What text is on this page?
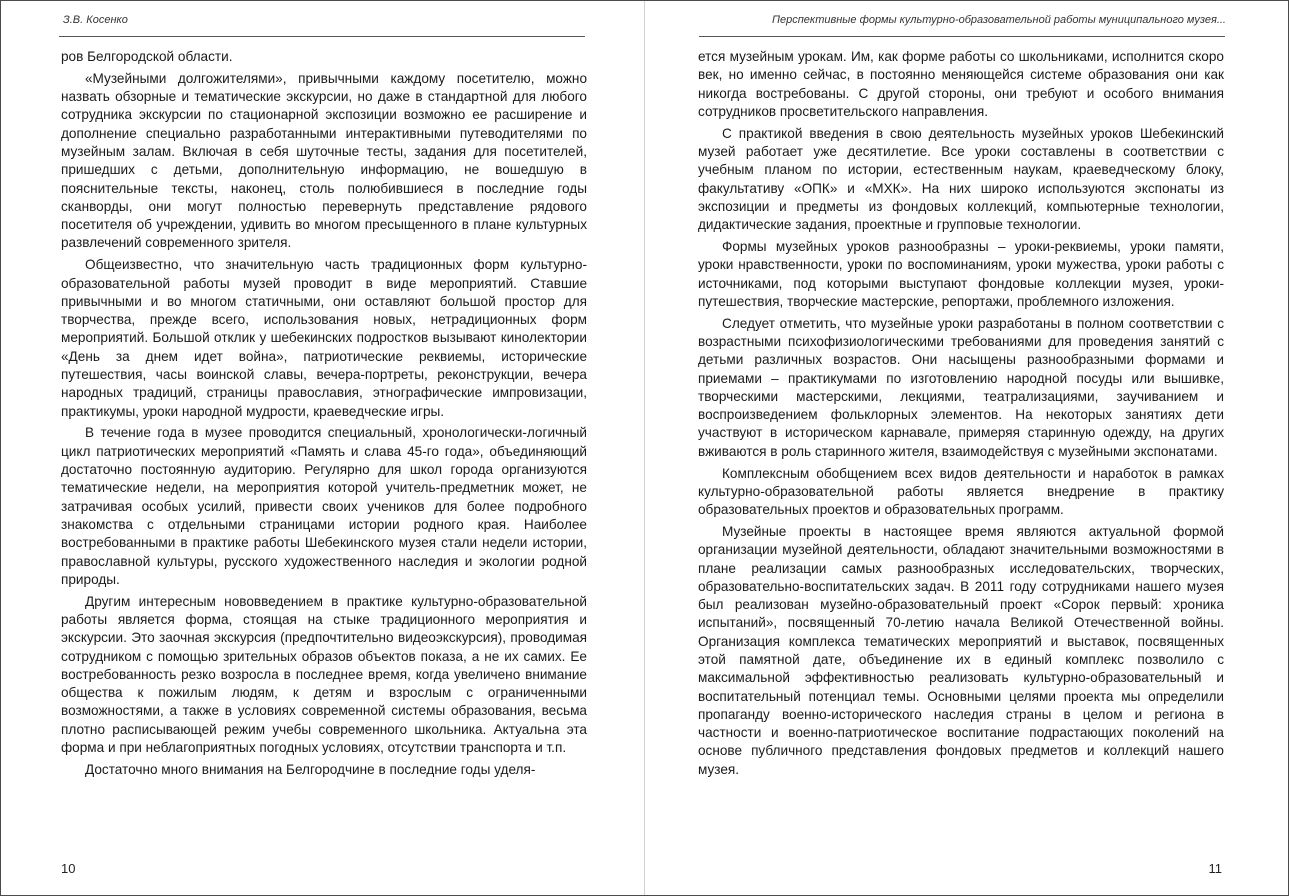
З.В. Косенко

ров Белгородской области.

«Музейными долгожителями», привычными каждому посетителю, можно назвать обзорные и тематические экскурсии, но даже в стандартной для любого сотрудника экскурсии по стационарной экспозиции возможно ее расширение и дополнение специально разработанными интерактивными путеводителями по музейным залам. Включая в себя шуточные тесты, задания для посетителей, пришедших с детьми, дополнительную информацию, не вошедшую в пояснительные тексты, наконец, столь полюбившиеся в последние годы сканворды, они могут полностью перевернуть представление рядового посетителя об учреждении, удивить во многом пресыщенного в плане культурных развлечений современного зрителя.

Общеизвестно, что значительную часть традиционных форм культурно-образовательной работы музей проводит в виде мероприятий. Ставшие привычными и во многом статичными, они оставляют большой простор для творчества, прежде всего, использования новых, нетрадиционных форм мероприятий. Большой отклик у шебекинских подростков вызывают кинолектории «День за днем идет война», патриотические реквиемы, исторические путешествия, часы воинской славы, вечера-портреты, реконструкции, вечера народных традиций, страницы православия, этнографические импровизации, практикумы, уроки народной мудрости, краеведческие игры.

В течение года в музее проводится специальный, хронологически-логичный цикл патриотических мероприятий «Память и слава 45-го года», объединяющий достаточно постоянную аудиторию. Регулярно для школ города организуются тематические недели, на мероприятия которой учитель-предметник может, не затрачивая особых усилий, привести своих учеников для более подробного знакомства с отдельными страницами истории родного края. Наиболее востребованными в практике работы Шебекинского музея стали недели истории, православной культуры, русского художественного наследия и экологии родной природы.

Другим интересным нововведением в практике культурно-образовательной работы является форма, стоящая на стыке традиционного мероприятия и экскурсии. Это заочная экскурсия (предпочтительно видеоэкскурсия), проводимая сотрудником с помощью зрительных образов объектов показа, а не их самих. Ее востребованность резко возросла в последнее время, когда увеличено внимание общества к пожилым людям, к детям и взрослым с ограниченными возможностями, а также в условиях современной системы образования, весьма плотно расписывающей режим учебы современного школьника. Актуальна эта форма и при неблагоприятных погодных условиях, отсутствии транспорта и т.п.

Достаточно много внимания на Белгородчине в последние годы уделя-

10
Перспективные формы культурно-образовательной работы муниципального музея...

ется музейным урокам. Им, как форме работы со школьниками, исполнится скоро век, но именно сейчас, в постоянно меняющейся системе образования они как никогда востребованы. С другой стороны, они требуют и особого внимания сотрудников просветительского направления.

С практикой введения в свою деятельность музейных уроков Шебекинский музей работает уже десятилетие. Все уроки составлены в соответствии с учебным планом по истории, естественным наукам, краеведческому блоку, факультативу «ОПК» и «МХК». На них широко используются экспонаты из экспозиции и предметы из фондовых коллекций, компьютерные технологии, дидактические задания, проектные и групповые технологии.

Формы музейных уроков разнообразны – уроки-реквиемы, уроки памяти, уроки нравственности, уроки по воспоминаниям, уроки мужества, уроки работы с источниками, под которыми выступают фондовые коллекции музея, уроки-путешествия, творческие мастерские, репортажи, проблемного изложения.

Следует отметить, что музейные уроки разработаны в полном соответствии с возрастными психофизиологическими требованиями для проведения занятий с детьми различных возрастов. Они насыщены разнообразными формами и приемами – практикумами по изготовлению народной посуды или вышивке, творческими мастерскими, лекциями, театрализациями, заучиванием и воспроизведением фольклорных элементов. На некоторых занятиях дети участвуют в историческом карнавале, примеряя старинную одежду, на других вживаются в роль старинного жителя, взаимодействуя с музейными экспонатами.

Комплексным обобщением всех видов деятельности и наработок в рамках культурно-образовательной работы является внедрение в практику образовательных проектов и образовательных программ.

Музейные проекты в настоящее время являются актуальной формой организации музейной деятельности, обладают значительными возможностями в плане реализации самых разнообразных исследовательских, творческих, образовательно-воспитательских задач. В 2011 году сотрудниками нашего музея был реализован музейно-образовательный проект «Сорок первый: хроника испытаний», посвященный 70-летию начала Великой Отечественной войны. Организация комплекса тематических мероприятий и выставок, посвященных этой памятной дате, объединение их в единый комплекс позволило с максимальной эффективностью реализовать культурно-образовательный и воспитательный потенциал темы. Основными целями проекта мы определили пропаганду военно-исторического наследия страны в целом и региона в частности и военно-патриотическое воспитание подрастающих поколений на основе публичного представления фондовых предметов и коллекций нашего музея.

11
